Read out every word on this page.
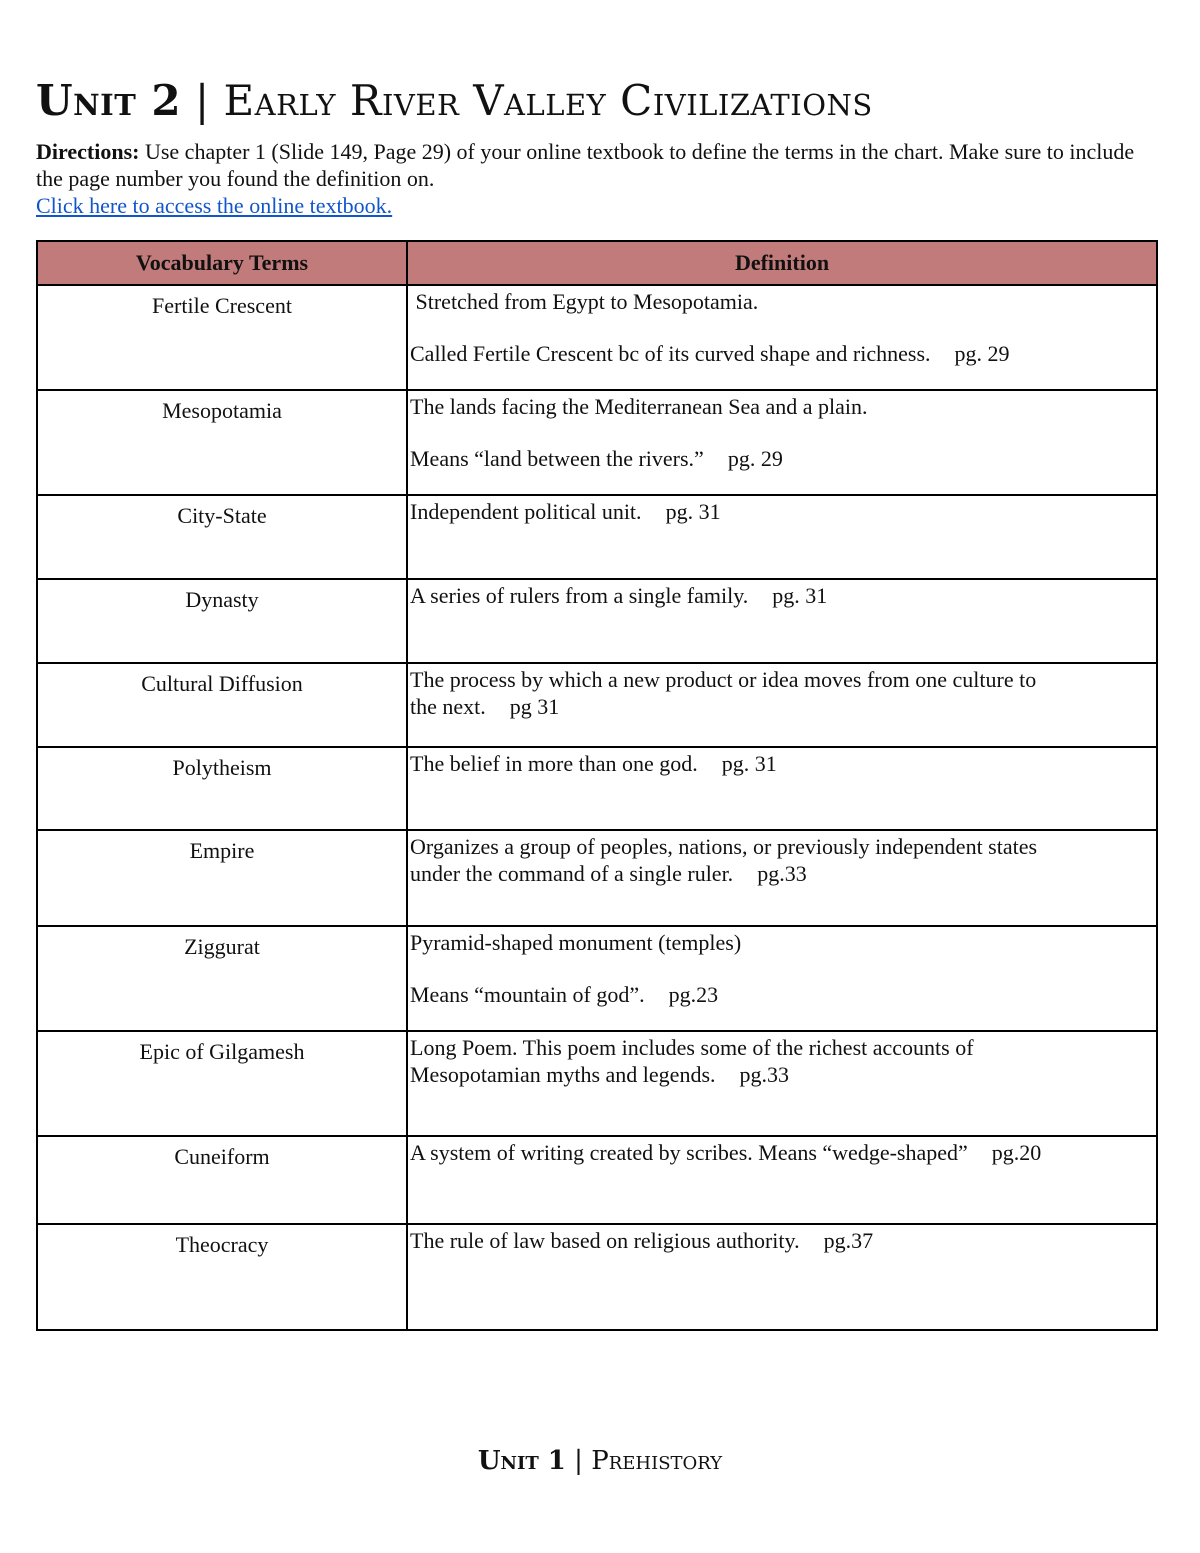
Unit 2 | Early River Valley Civilizations
Directions: Use chapter 1 (Slide 149, Page 29) of your online textbook to define the terms in the chart. Make sure to include the page number you found the definition on.
Click here to access the online textbook.
Vocabulary Terms	Definition
Fertile Crescent	Stretched from Egypt to Mesopotamia.
Called Fertile Crescent bc of its curved shape and richness. pg. 29

Mesopotamia	The lands facing the Mediterranean Sea and a plain.
Means “land between the rivers.” pg. 29

City-State	Independent political unit. pg. 31

Dynasty	A series of rulers from a single family. pg. 31

Cultural Diffusion	The process by which a new product or idea moves from one culture to
the next. pg 31

Polytheism	The belief in more than one god. pg. 31

Empire	Organizes a group of peoples, nations, or previously independent states
under the command of a single ruler. pg.33

Ziggurat	Pyramid-shaped monument (temples)
Means “mountain of god”. pg.23

Epic of Gilgamesh	Long Poem. This poem includes some of the richest accounts of
Mesopotamian myths and legends. pg.33

Cuneiform	A system of writing created by scribes. Means “wedge-shaped” pg.20

Theocracy	The rule of law based on religious authority. pg.37
Unit 1 | Prehistory
